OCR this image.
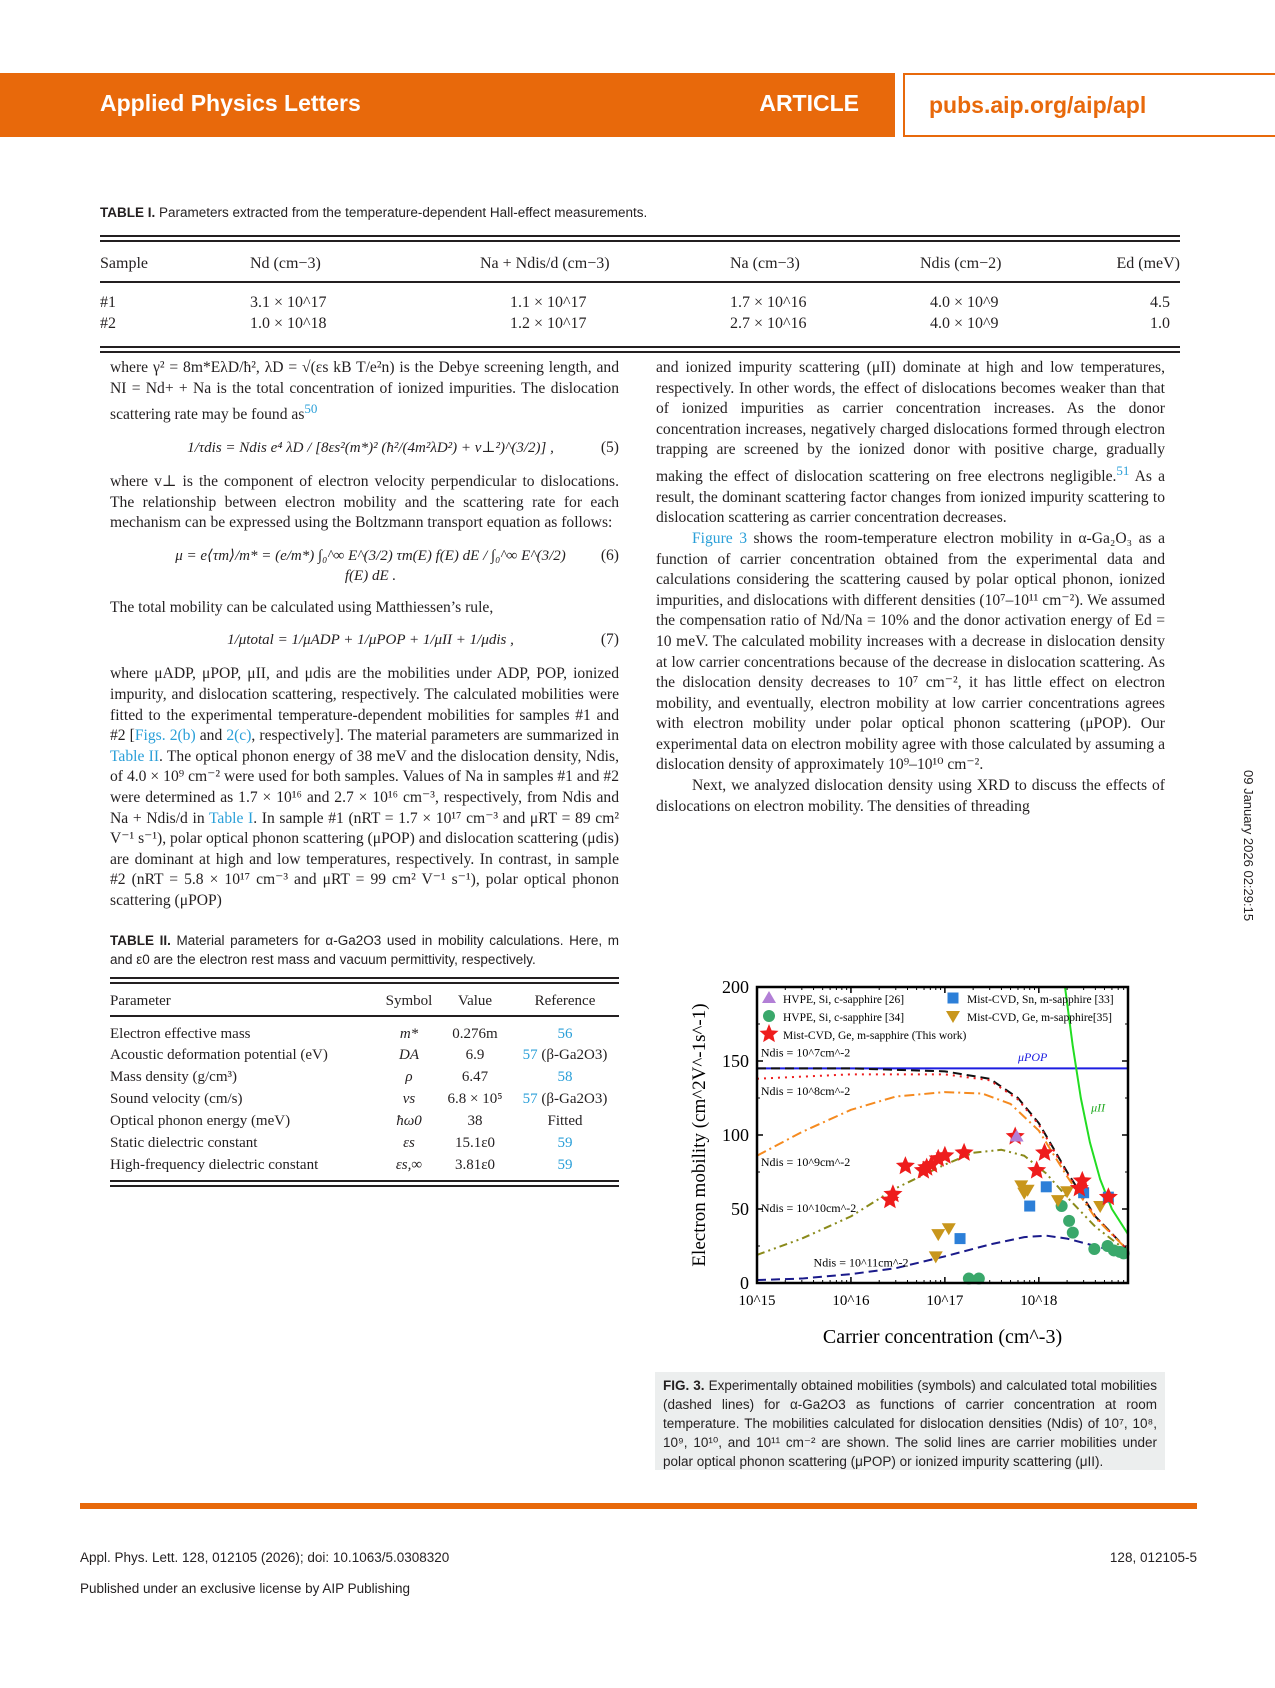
Applied Physics Letters	ARTICLE	pubs.aip.org/aip/apl
TABLE I. Parameters extracted from the temperature-dependent Hall-effect measurements.
Sample	Nd (cm−3)	Na + Ndis/d (cm−3)	Na (cm−3)	Ndis (cm−2)	Ed (meV)
#1	3.1 × 10^17	1.1 × 10^17	1.7 × 10^16	4.0 × 10^9	4.5
#2	1.0 × 10^18	1.2 × 10^17	2.7 × 10^16	4.0 × 10^9	1.0

where γ² = 8m*EλD/ħ², λD = √(εs kB T/e²n) is the Debye screening length, and NI = Nd+ + Na is the total concentration of ionized impurities. The dislocation scattering rate may be found $as^{50}$

1/τdis = Ndis e⁴ λD / [8εs²(m*)² (ħ²/(4m²λD²) + v⊥²)^(3/2)] ,	(5)

where v⊥ is the component of electron velocity perpendicular to dislocations. The relationship between electron mobility and the scattering rate for each mechanism can be expressed using the Boltzmann transport equation as follows:

μ = e⟨τm⟩/m* = (e/m*) ∫₀^∞ E^(3/2) τm(E) f(E) dE / ∫₀^∞ E^(3/2) f(E) dE .
(6)

The total mobility can be calculated using Matthiessen’s rule,

1/μtotal = 1/μADP + 1/μPOP + 1/μII + 1/μdis ,	(7)

where μADP, μPOP, μII, and μdis are the mobilities under ADP, POP, ionized impurity, and dislocation scattering, respectively. The calculated mobilities were fitted to the experimental temperature-dependent mobilities for samples #1 and #2 [Figs. 2(b) and 2(c), respectively]. The material parameters are summarized in Table II. The optical phonon energy of 38 meV and the dislocation density, Ndis, of 4.0 × 10⁹ cm⁻² were used for both samples. Values of Na in samples #1 and #2 were determined as 1.7 × 10¹⁶ and 2.7 × 10¹⁶ cm⁻³, respectively, from Ndis and Na + Ndis/d in Table I. In sample #1 (nRT = 1.7 × 10¹⁷ cm⁻³ and μRT = 89 cm² V⁻¹ s⁻¹), polar optical phonon scattering (μPOP) and dislocation scattering (μdis) are dominant at high and low temperatures, respectively. In contrast, in sample #2 (nRT = 5.8 × 10¹⁷ cm⁻³ and μRT = 99 cm² V⁻¹ s⁻¹), polar optical phonon scattering (μPOP)

TABLE II. Material parameters for α-Ga2O3 used in mobility calculations. Here, m and ε0 are the electron rest mass and vacuum permittivity, respectively.
Parameter	Symbol	Value	Reference
Electron effective mass	m*	0.276m	56
Acoustic deformation potential (eV)	DA	6.9	57 (β-Ga2O3)
Mass density (g/cm³)	ρ	6.47	58
Sound velocity (cm/s)	vs	6.8 × 10⁵	57 (β-Ga2O3)
Optical phonon energy (meV)	ħω0	38	Fitted
Static dielectric constant	εs	15.1ε0	59
High-frequency dielectric constant	εs,∞	3.81ε0	59

and ionized impurity scattering (μII) dominate at high and low temperatures, respectively. In other words, the effect of dislocations becomes weaker than that of ionized impurities as carrier concentration increases. As the donor concentration increases, negatively charged dislocations formed through electron trapping are screened by the ionized donor with positive charge, gradually making the effect of dislocation scattering on free electrons negligible.$^{51}$ As a result, the dominant scattering factor changes from ionized impurity scattering to dislocation scattering as carrier concentration decreases.

Figure 3 shows the room-temperature electron mobility in α-Ga₂O₃ as a function of carrier concentration obtained from the experimental data and calculations considering the scattering caused by polar optical phonon, ionized impurities, and dislocations with different densities (10⁷–10¹¹ cm⁻²). We assumed the compensation ratio of Nd/Na = 10% and the donor activation energy of Ed = 10 meV. The calculated mobility increases with a decrease in dislocation density at low carrier concentrations because of the decrease in dislocation scattering. As the dislocation density decreases to 10⁷ cm⁻², it has little effect on electron mobility, and eventually, electron mobility at low carrier concentrations agrees with electron mobility under polar optical phonon scattering (μPOP). Our experimental data on electron mobility agree with those calculated by assuming a dislocation density of approximately 10⁹–10¹⁰ cm⁻².

Next, we analyzed dislocation density using XRD to discuss the effects of dislocations on electron mobility. The densities of threading

Carrier concentration (cm^-3)
Electron mobility (cm^2V^-1s^-1)
10^15	10^16	10^17	10^18
Ndis = 10^7cm^-2	μPOP
Ndis = 10^8cm^-2
μII
Ndis = 10^9cm^-2
Ndis = 10^10cm^-2
Ndis = 10^11cm^-2
0
50
100
150
200
HVPE, Si, c-sapphire [26]	Mist-CVD, Sn, m-sapphire [33]
HVPE, Si, c-sapphire [34]	Mist-CVD, Ge, m-sapphire[35]
Mist-CVD, Ge, m-sapphire (This work)
FIG. 3. Experimentally obtained mobilities (symbols) and calculated total mobilities (dashed lines) for α-Ga2O3 as functions of carrier concentration at room temperature. The mobilities calculated for dislocation densities (Ndis) of 10⁷, 10⁸, 10⁹, 10¹⁰, and 10¹¹ cm⁻² are shown. The solid lines are carrier mobilities under polar optical phonon scattering (μPOP) or ionized impurity scattering (μII).
Appl. Phys. Lett. 128, 012105 (2026); doi: 10.1063/5.0308320	128, 012105-5
Published under an exclusive license by AIP Publishing
09 January 2026 02:29:15
